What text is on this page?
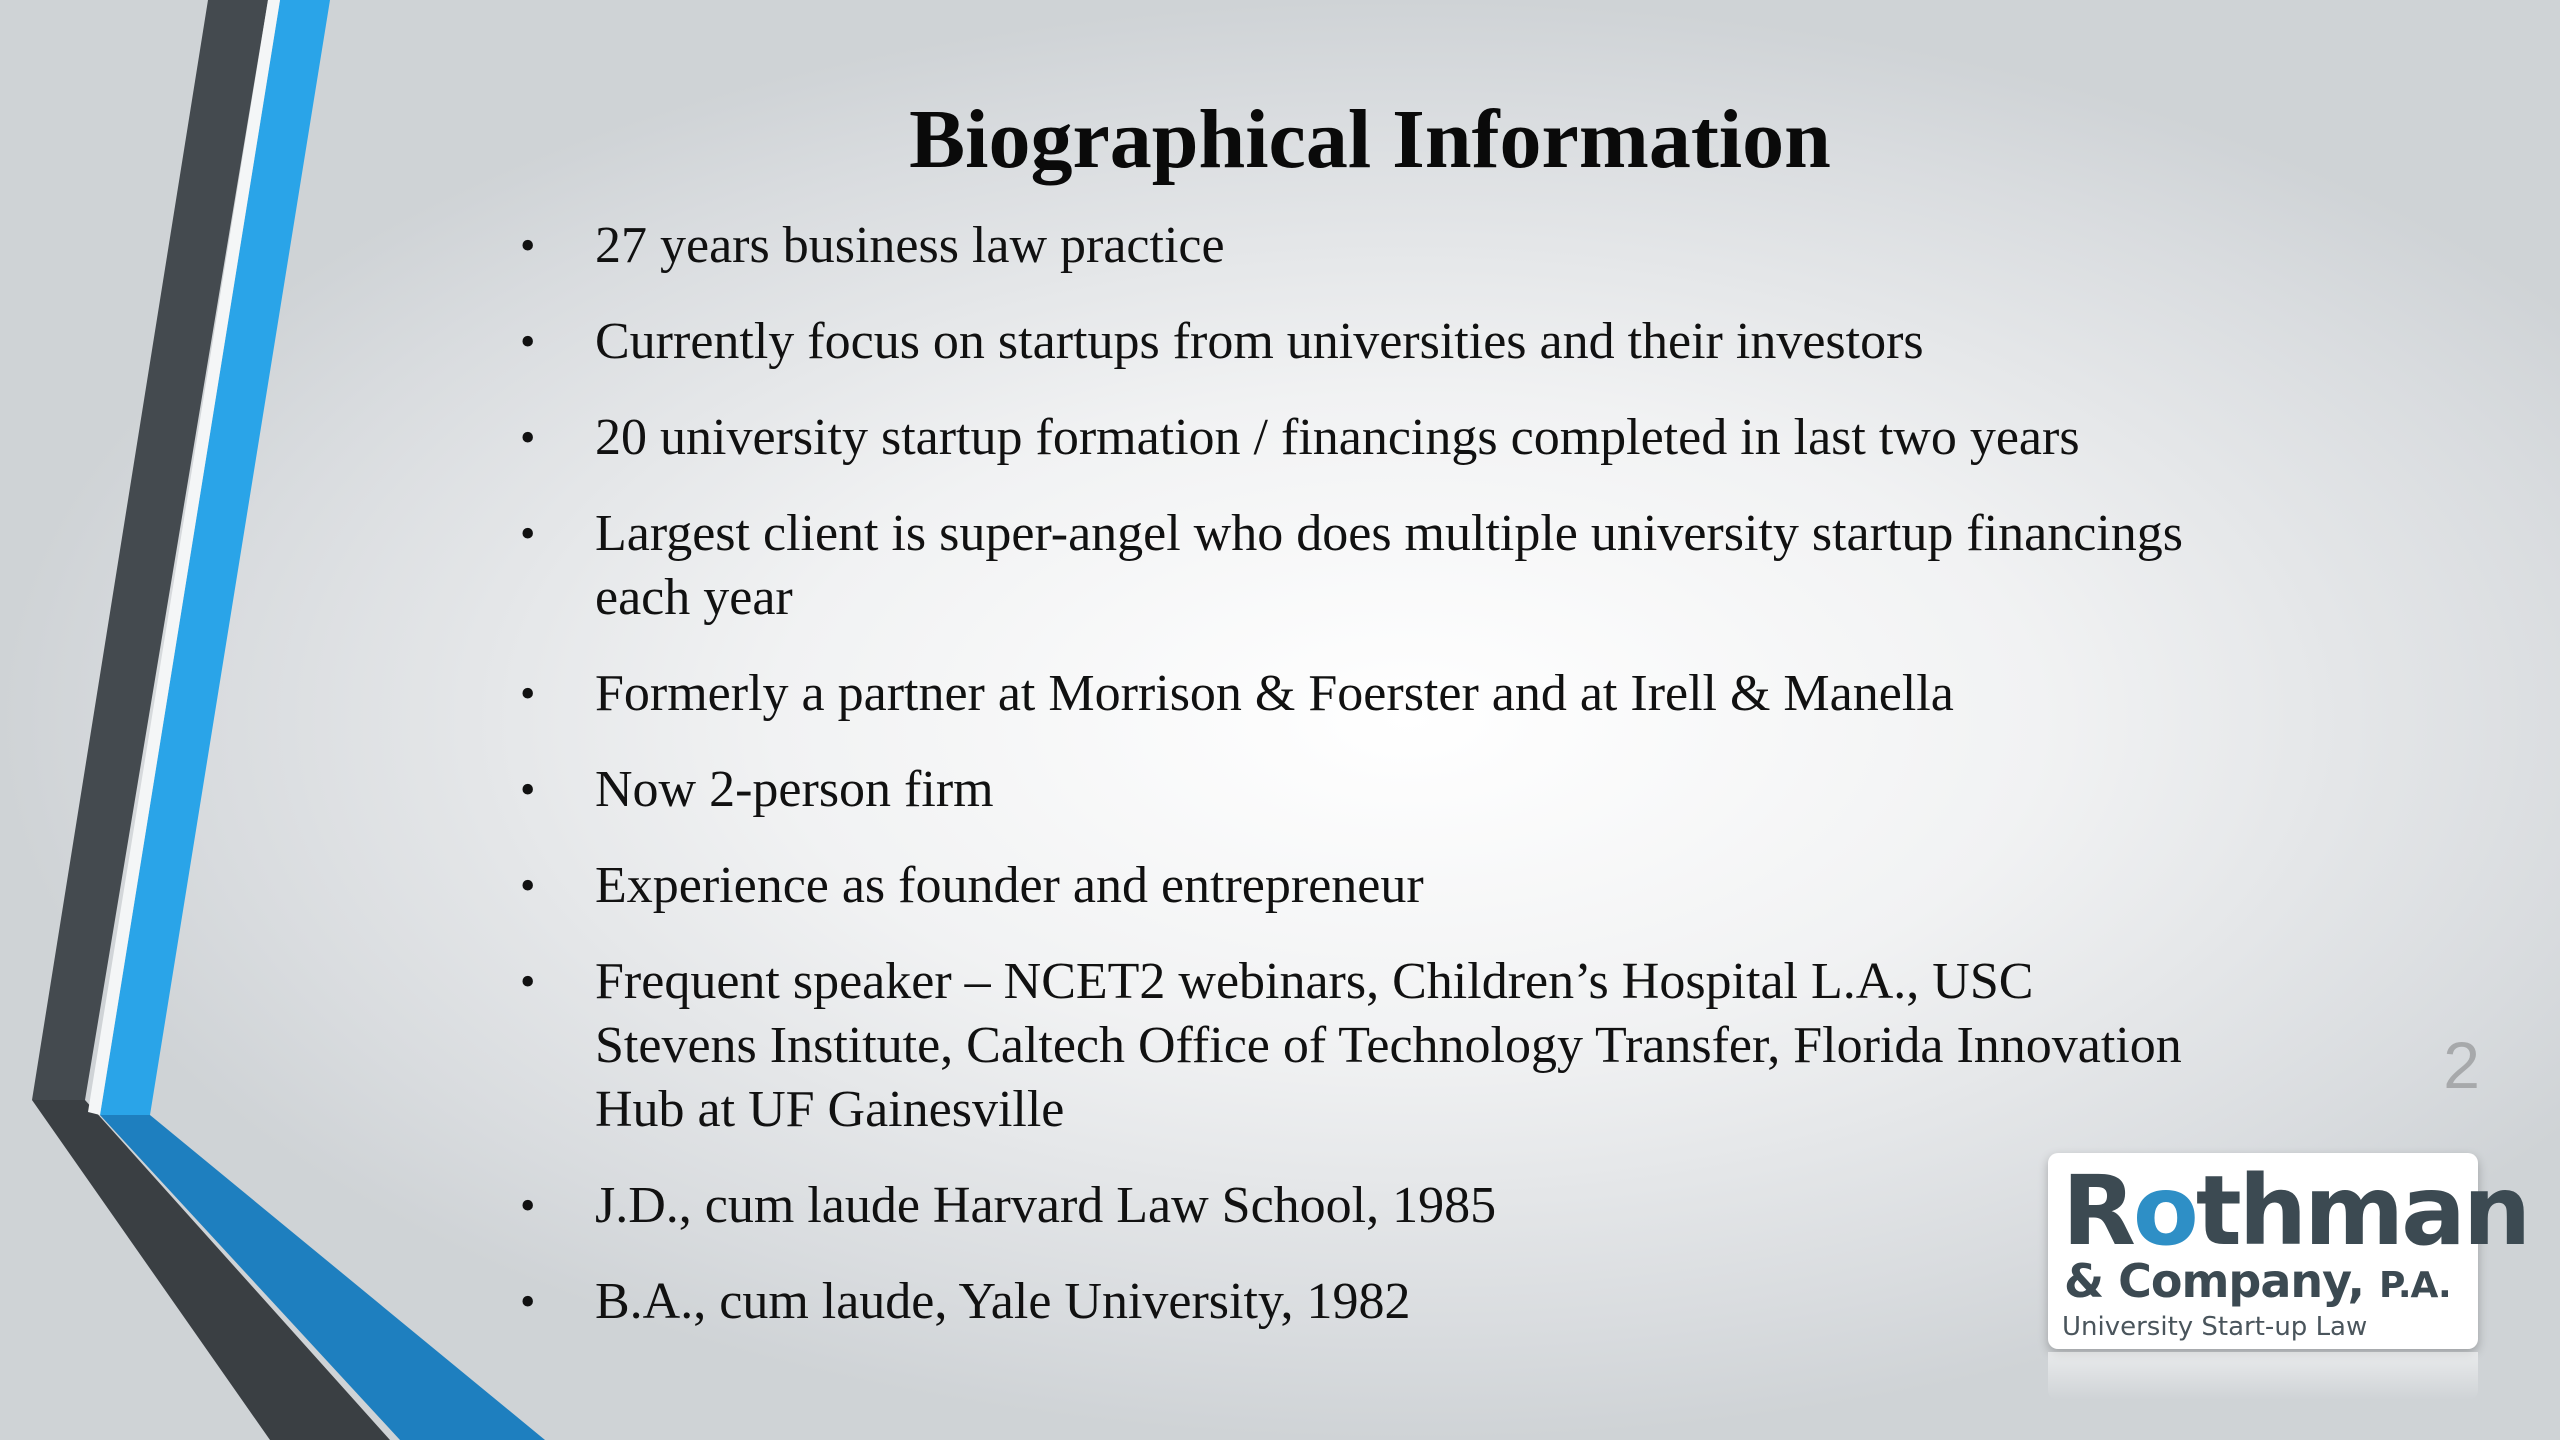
Biographical Information
• 27 years business law practice
• Currently focus on startups from universities and their investors
• 20 university startup formation / financings completed in last two years
• Largest client is super-angel who does multiple university startup financings each year
• Formerly a partner at Morrison & Foerster and at Irell & Manella
• Now 2-person firm
• Experience as founder and entrepreneur
• Frequent speaker – NCET2 webinars, Children’s Hospital L.A., USC Stevens Institute, Caltech Office of Technology Transfer, Florida Innovation Hub at UF Gainesville
• J.D., cum laude Harvard Law School, 1985
• B.A., cum laude, Yale University, 1982
2
Rothman
& Company, P.A.
University Start-up Law
